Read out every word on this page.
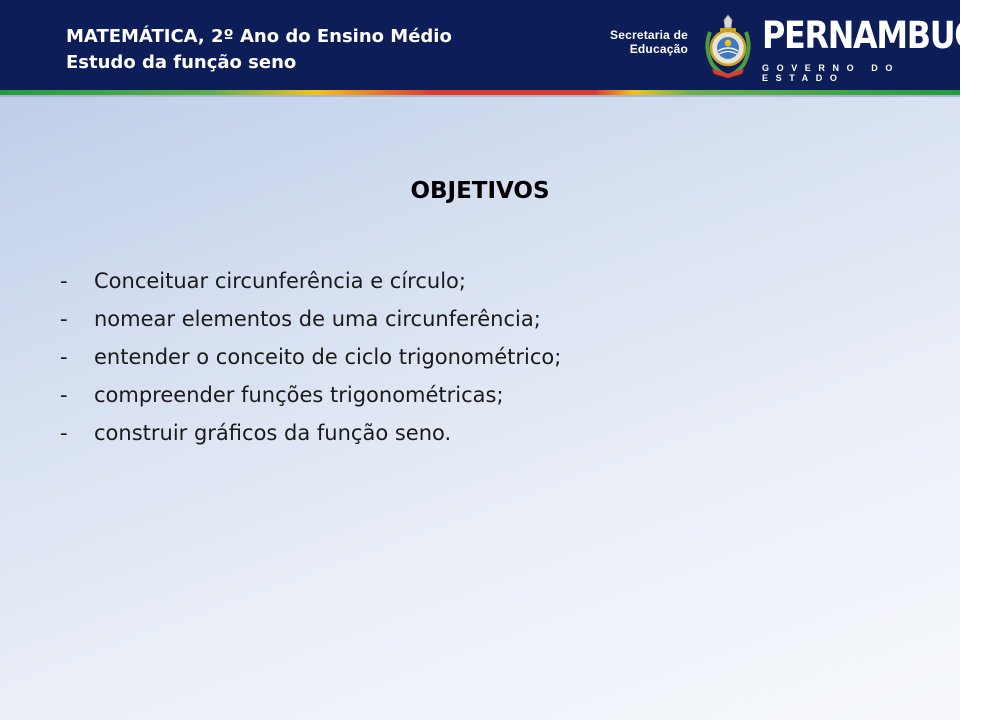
MATEMÁTICA, 2º Ano do Ensino Médio
Estudo da função seno
Secretaria de
Educação PERNAMBUCO
GOVERNO DO ESTADO
OBJETIVOS
-	Conceituar circunferência e círculo;
-	nomear elementos de uma circunferência;
-	entender o conceito de ciclo trigonométrico;
-	compreender funções trigonométricas;
-	construir gráficos da função seno.
